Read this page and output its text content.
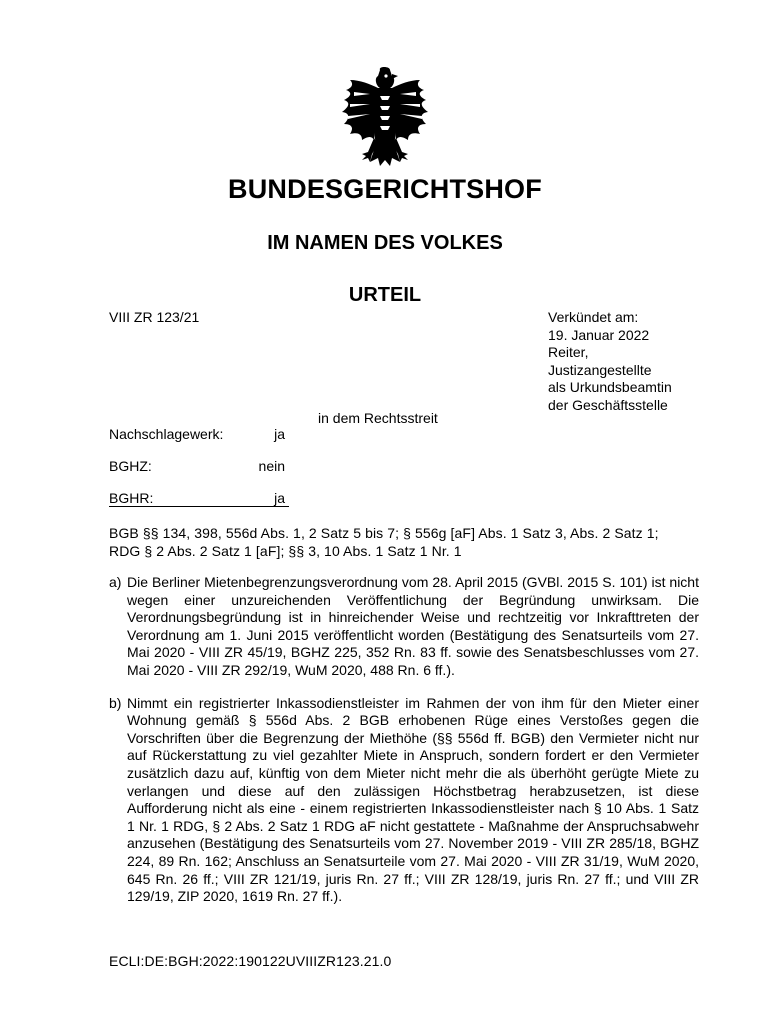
BUNDESGERICHTSHOF
IM NAMEN DES VOLKES
URTEIL
VIII ZR 123/21	Verkündet am:
19. Januar 2022
Reiter,
Justizangestellte
als Urkundsbeamtin
der Geschäftsstelle
in dem Rechtsstreit
Nachschlagewerk:	ja
BGHZ:	nein
BGHR:	ja
BGB §§ 134, 398, 556d Abs. 1, 2 Satz 5 bis 7; § 556g [aF] Abs. 1 Satz 3, Abs. 2 Satz 1; RDG § 2 Abs. 2 Satz 1 [aF]; §§ 3, 10 Abs. 1 Satz 1 Nr. 1
a) Die Berliner Mietenbegrenzungsverordnung vom 28. April 2015 (GVBl. 2015 S. 101) ist nicht wegen einer unzureichenden Veröffentlichung der Begründung unwirksam. Die Verordnungsbegründung ist in hinreichender Weise und rechtzeitig vor Inkrafttreten der Verordnung am 1. Juni 2015 veröffentlicht worden (Bestätigung des Senatsurteils vom 27. Mai 2020 - VIII ZR 45/19, BGHZ 225, 352 Rn. 83 ff. sowie des Senatsbeschlusses vom 27. Mai 2020 - VIII ZR 292/19, WuM 2020, 488 Rn. 6 ff.).
b) Nimmt ein registrierter Inkassodienstleister im Rahmen der von ihm für den Mieter einer Wohnung gemäß § 556d Abs. 2 BGB erhobenen Rüge eines Verstoßes gegen die Vorschriften über die Begrenzung der Miethöhe (§§ 556d ff. BGB) den Vermieter nicht nur auf Rückerstattung zu viel gezahlter Miete in Anspruch, sondern fordert er den Vermieter zusätzlich dazu auf, künftig von dem Mieter nicht mehr die als überhöht gerügte Miete zu verlangen und diese auf den zulässigen Höchstbetrag herabzusetzen, ist diese Aufforderung nicht als eine - einem registrierten Inkassodienstleister nach § 10 Abs. 1 Satz 1 Nr. 1 RDG, § 2 Abs. 2 Satz 1 RDG aF nicht gestattete - Maßnahme der Anspruchsabwehr anzusehen (Bestätigung des Senatsurteils vom 27. November 2019 - VIII ZR 285/18, BGHZ 224, 89 Rn. 162; Anschluss an Senatsurteile vom 27. Mai 2020 - VIII ZR 31/19, WuM 2020, 645 Rn. 26 ff.; VIII ZR 121/19, juris Rn. 27 ff.; VIII ZR 128/19, juris Rn. 27 ff.; und VIII ZR 129/19, ZIP 2020, 1619 Rn. 27 ff.).
ECLI:DE:BGH:2022:190122UVIIIZR123.21.0
